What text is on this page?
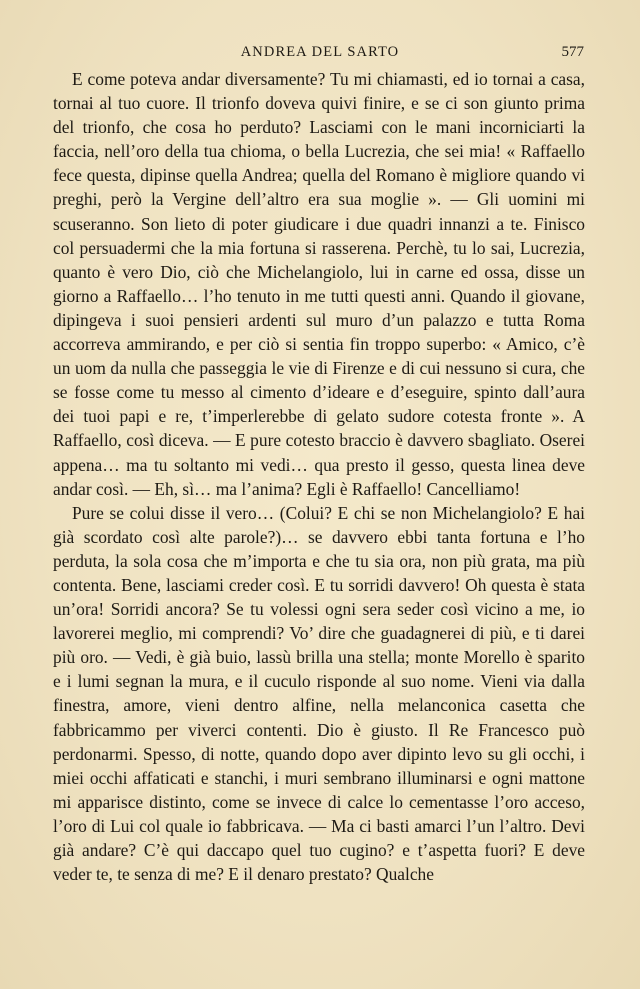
ANDREA DEL SARTO	577

E come poteva andar diversamente? Tu mi chiamasti, ed io tornai a casa, tornai al tuo cuore. Il trionfo doveva quivi finire, e se ci son giunto prima del trionfo, che cosa ho perduto? Lasciami con le mani incorniciarti la faccia, nell’oro della tua chioma, o bella Lucrezia, che sei mia! « Raffaello fece questa, dipinse quella Andrea; quella del Romano è migliore quando vi preghi, però la Vergine dell’altro era sua moglie ». — Gli uomini mi scuseranno. Son lieto di poter giudicare i due quadri innanzi a te. Finisco col persuadermi che la mia fortuna si rasserena. Perchè, tu lo sai, Lucrezia, quanto è vero Dio, ciò che Michelangiolo, lui in carne ed ossa, disse un giorno a Raffaello… l’ho tenuto in me tutti questi anni. Quando il giovane, dipingeva i suoi pensieri ardenti sul muro d’un palazzo e tutta Roma accorreva ammirando, e per ciò si sentia fin troppo superbo: « Amico, c’è un uom da nulla che passeggia le vie di Firenze e di cui nessuno si cura, che se fosse come tu messo al cimento d’ideare e d’eseguire, spinto dall’aura dei tuoi papi e re, t’imperlerebbe di gelato sudore cotesta fronte ». A Raffaello, così diceva. — E pure cotesto braccio è davvero sbagliato. Oserei appena… ma tu soltanto mi vedi… qua presto il gesso, questa linea deve andar così. — Eh, sì… ma l’anima? Egli è Raffaello! Cancelliamo!

Pure se colui disse il vero… (Colui? E chi se non Michelangiolo? E hai già scordato così alte parole?)… se davvero ebbi tanta fortuna e l’ho perduta, la sola cosa che m’importa e che tu sia ora, non più grata, ma più contenta. Bene, lasciami creder così. E tu sorridi davvero! Oh questa è stata un’ora! Sorridi ancora? Se tu volessi ogni sera seder così vicino a me, io lavorerei meglio, mi comprendi? Vo’ dire che guadagnerei di più, e ti darei più oro. — Vedi, è già buio, lassù brilla una stella; monte Morello è sparito e i lumi segnan la mura, e il cuculo risponde al suo nome. Vieni via dalla finestra, amore, vieni dentro alfine, nella melanconica casetta che fabbricammo per viverci contenti. Dio è giusto. Il Re Francesco può perdonarmi. Spesso, di notte, quando dopo aver dipinto levo su gli occhi, i miei occhi affaticati e stanchi, i muri sembrano illuminarsi e ogni mattone mi apparisce distinto, come se invece di calce lo cementasse l’oro acceso, l’oro di Lui col quale io fabbricava. — Ma ci basti amarci l’un l’altro. Devi già andare? C’è qui daccapo quel tuo cugino? e t’aspetta fuori? E deve veder te, te senza di me? E il denaro prestato? Qualche
